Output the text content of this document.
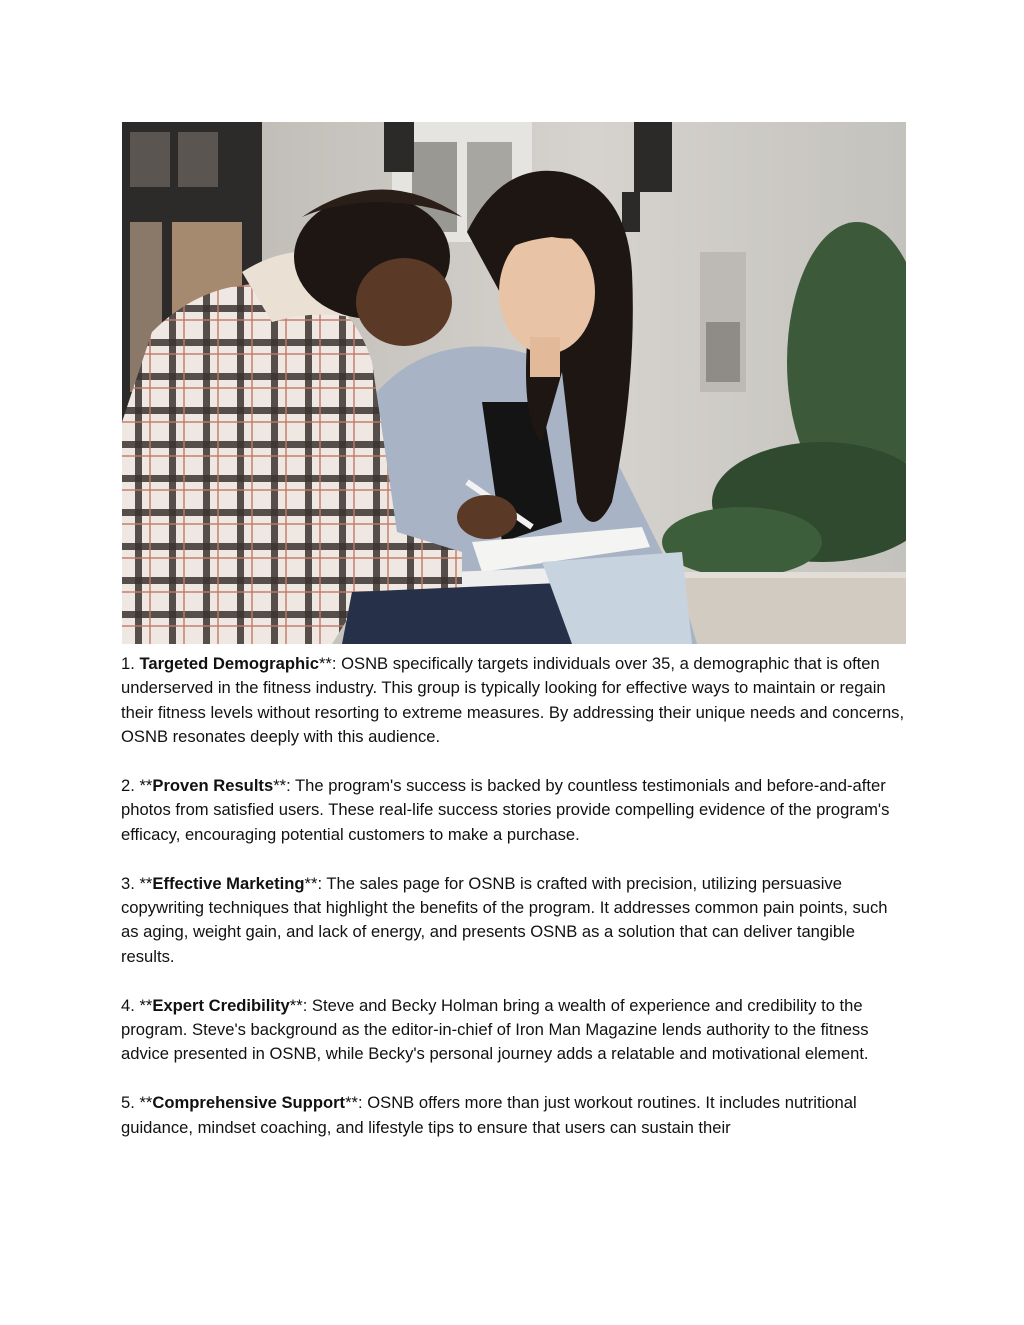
1. Targeted Demographic**: OSNB specifically targets individuals over 35, a demographic that is often underserved in the fitness industry. This group is typically looking for effective ways to maintain or regain their fitness levels without resorting to extreme measures. By addressing their unique needs and concerns, OSNB resonates deeply with this audience.

2. **Proven Results**: The program's success is backed by countless testimonials and before-and-after photos from satisfied users. These real-life success stories provide compelling evidence of the program's efficacy, encouraging potential customers to make a purchase.

3. **Effective Marketing**: The sales page for OSNB is crafted with precision, utilizing persuasive copywriting techniques that highlight the benefits of the program. It addresses common pain points, such as aging, weight gain, and lack of energy, and presents OSNB as a solution that can deliver tangible results.

4. **Expert Credibility**: Steve and Becky Holman bring a wealth of experience and credibility to the program. Steve's background as the editor-in-chief of Iron Man Magazine lends authority to the fitness advice presented in OSNB, while Becky's personal journey adds a relatable and motivational element.

5. **Comprehensive Support**: OSNB offers more than just workout routines. It includes nutritional guidance, mindset coaching, and lifestyle tips to ensure that users can sustain their
